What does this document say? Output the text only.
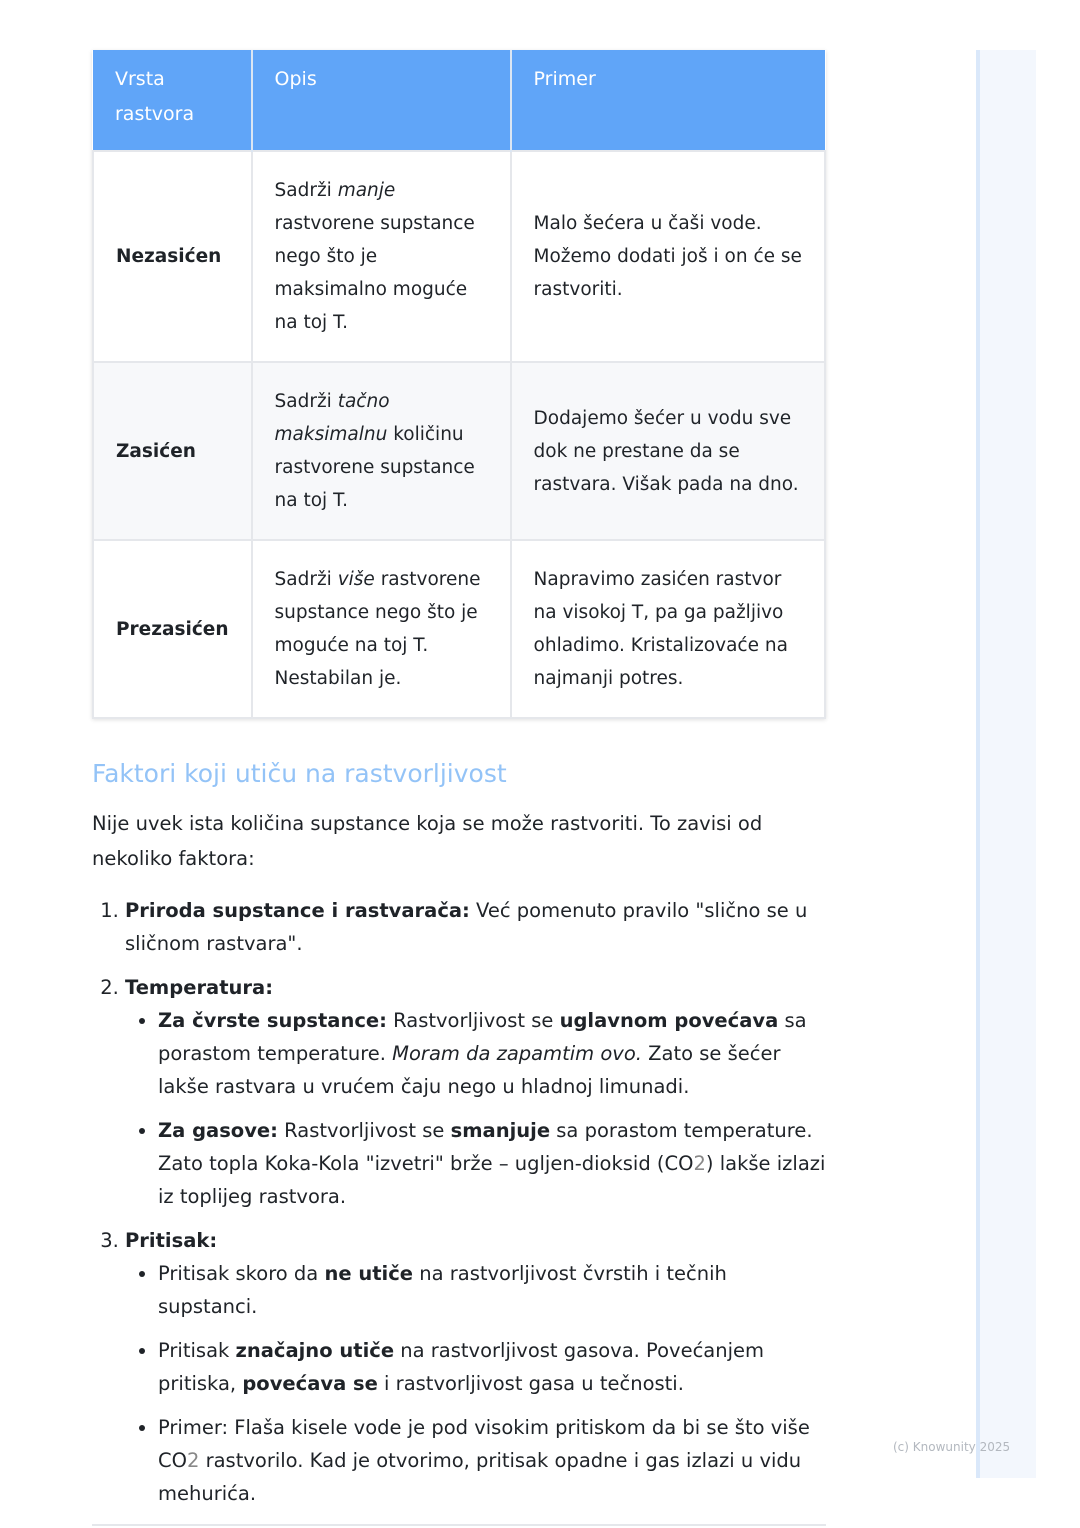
Vrsta rastvora	Opis	Primer
Nezasićen	Sadrži manje rastvorene supstance nego što je maksimalno moguće na toj T.	Malo šećera u čaši vode. Možemo dodati još i on će se rastvoriti.
Zasićen	Sadrži tačno maksimalnu količinu rastvorene supstance na toj T.	Dodajemo šećer u vodu sve dok ne prestane da se rastvara. Višak pada na dno.
Prezasićen	Sadrži više rastvorene supstance nego što je moguće na toj T. Nestabilan je.	Napravimo zasićen rastvor na visokoj T, pa ga pažljivo ohladimo. Kristalizovaće na najmanji potres.
Faktori koji utiču na rastvorljivost

Nije uvek ista količina supstance koja se može rastvoriti. To zavisi od nekoliko faktora:

1. Priroda supstance i rastvarača: Već pomenuto pravilo "slično se u sličnom rastvara".
2. Temperatura:
• Za čvrste supstance: Rastvorljivost se uglavnom povećava sa porastom temperature. Moram da zapamtim ovo. Zato se šećer lakše rastvara u vrućem čaju nego u hladnoj limunadi.
• Za gasove: Rastvorljivost se smanjuje sa porastom temperature. Zato topla Koka-Kola "izvetri" brže – ugljen-dioksid (CO2) lakše izlazi iz toplijeg rastvora.
3. Pritisak:
• Pritisak skoro da ne utiče na rastvorljivost čvrstih i tečnih supstanci.
• Pritisak značajno utiče na rastvorljivost gasova. Povećanjem pritiska, povećava se i rastvorljivost gasa u tečnosti.
• Primer: Flaša kisele vode je pod visokim pritiskom da bi se što više CO2 rastvorilo. Kad je otvorimo, pritisak opadne i gas izlazi u vidu mehurića.
(c) Knowunity 2025
